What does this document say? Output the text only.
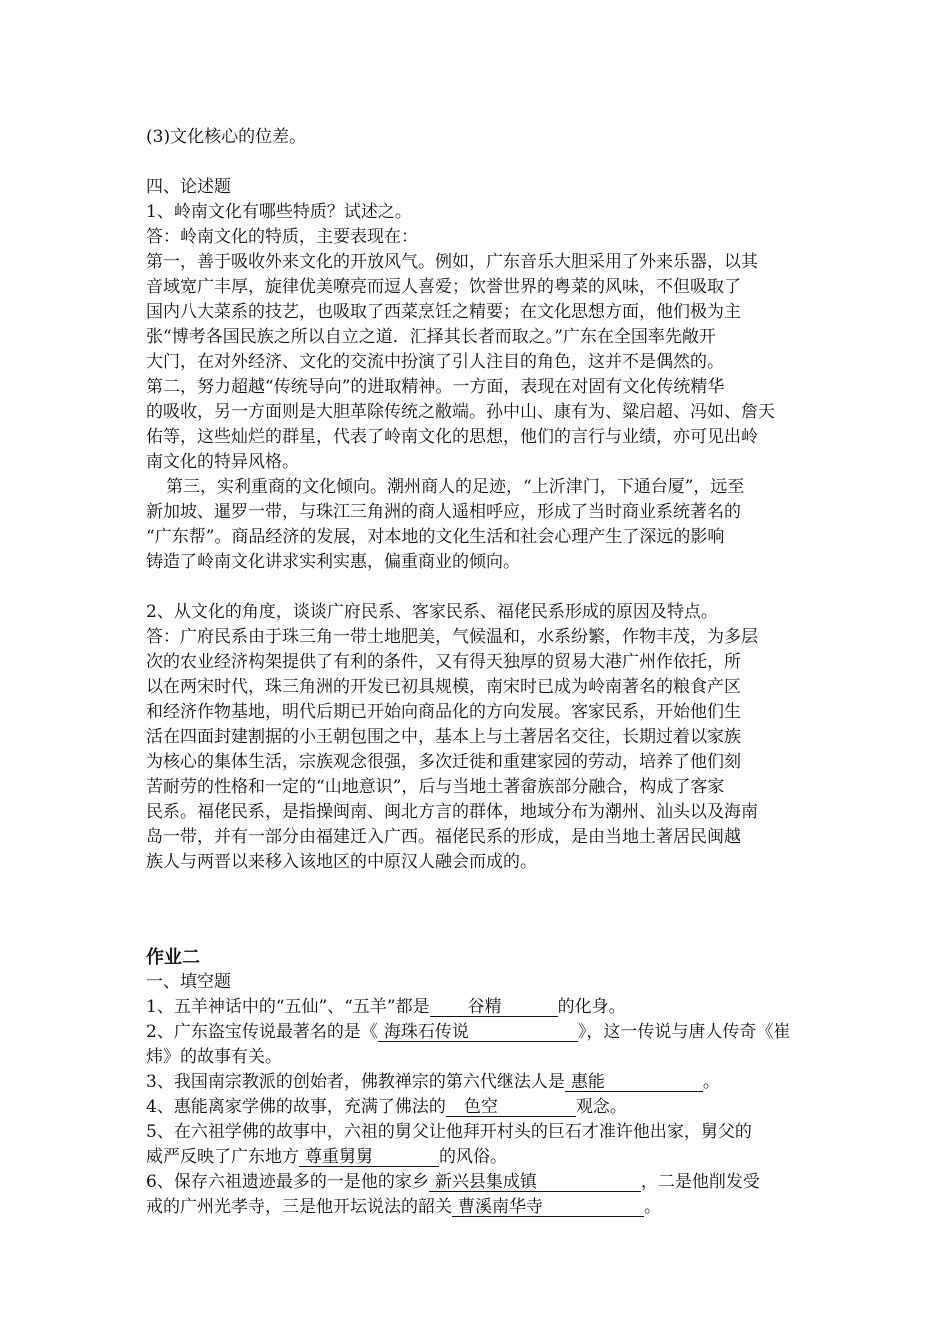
(3)文化核心的位差。
四、论述题
1、岭南文化有哪些特质？试述之。
答：岭南文化的特质，主要表现在：
第一，善于吸收外来文化的开放风气。例如，广东音乐大胆采用了外来乐器，以其
音域宽广丰厚，旋律优美嘹亮而逗人喜爱；饮誉世界的粤菜的风味，不但吸取了
国内八大菜系的技艺，也吸取了西菜烹饪之精要；在文化思想方面，他们极为主
张“博考各国民族之所以自立之道．汇择其长者而取之。”广东在全国率先敞开
大门，在对外经济、文化的交流中扮演了引人注目的角色，这并不是偶然的。
第二，努力超越“传统导向”的进取精神。一方面，表现在对固有文化传统精华
的吸收，另一方面则是大胆革除传统之敝端。孙中山、康有为、粱启超、冯如、詹天
佑等，这些灿烂的群星，代表了岭南文化的思想，他们的言行与业绩，亦可见出岭
南文化的特异风格。
第三，实利重商的文化倾向。潮州商人的足迹，“上沂津门，下通台厦”，远至
新加坡、暹罗一带，与珠江三角洲的商人遥相呼应，形成了当时商业系统著名的
“广东帮”。商品经济的发展，对本地的文化生活和社会心理产生了深远的影响
铸造了岭南文化讲求实利实惠，偏重商业的倾向。
2、从文化的角度，谈谈广府民系、客家民系、福佬民系形成的原因及特点。
答：广府民系由于珠三角一带土地肥美，气候温和，水系纷繁，作物丰茂，为多层
次的农业经济构架提供了有利的条件，又有得天独厚的贸易大港广州作依托，所
以在两宋时代，珠三角洲的开发已初具规模，南宋时已成为岭南著名的粮食产区
和经济作物基地，明代后期已开始向商品化的方向发展。客家民系，开始他们生
活在四面封建割据的小王朝包围之中，基本上与土著居名交往，长期过着以家族
为核心的集体生活，宗族观念很强，多次迁徙和重建家园的劳动，培养了他们刻
苦耐劳的性格和一定的“山地意识”，后与当地土著畲族部分融合，构成了客家
民系。福佬民系，是指操闽南、闽北方言的群体，地域分布为潮州、汕头以及海南
岛一带，并有一部分由福建迁入广西。福佬民系的形成，是由当地土著居民闽越
族人与两晋以来移入该地区的中原汉人融会而成的。
作业二
一、填空题
1、五羊神话中的“五仙”、“五羊”都是 谷精	的化身。
2、广东盗宝传说最著名的是《 海珠石传说	》，这一传说与唐人传奇《崔
炜》的故事有关。
3、我国南宗教派的创始者，佛教禅宗的第六代继法人是 惠能	。
4、惠能离家学佛的故事，充满了佛法的 色空	观念。
5、在六祖学佛的故事中，六祖的舅父让他拜开村头的巨石才准许他出家，舅父的
威严反映了广东地方 尊重舅舅	的风俗。
6、保存六祖遗迹最多的一是他的家乡 新兴县集成镇	，二是他削发受
戒的广州光孝寺，三是他开坛说法的韶关 曹溪南华寺	。
